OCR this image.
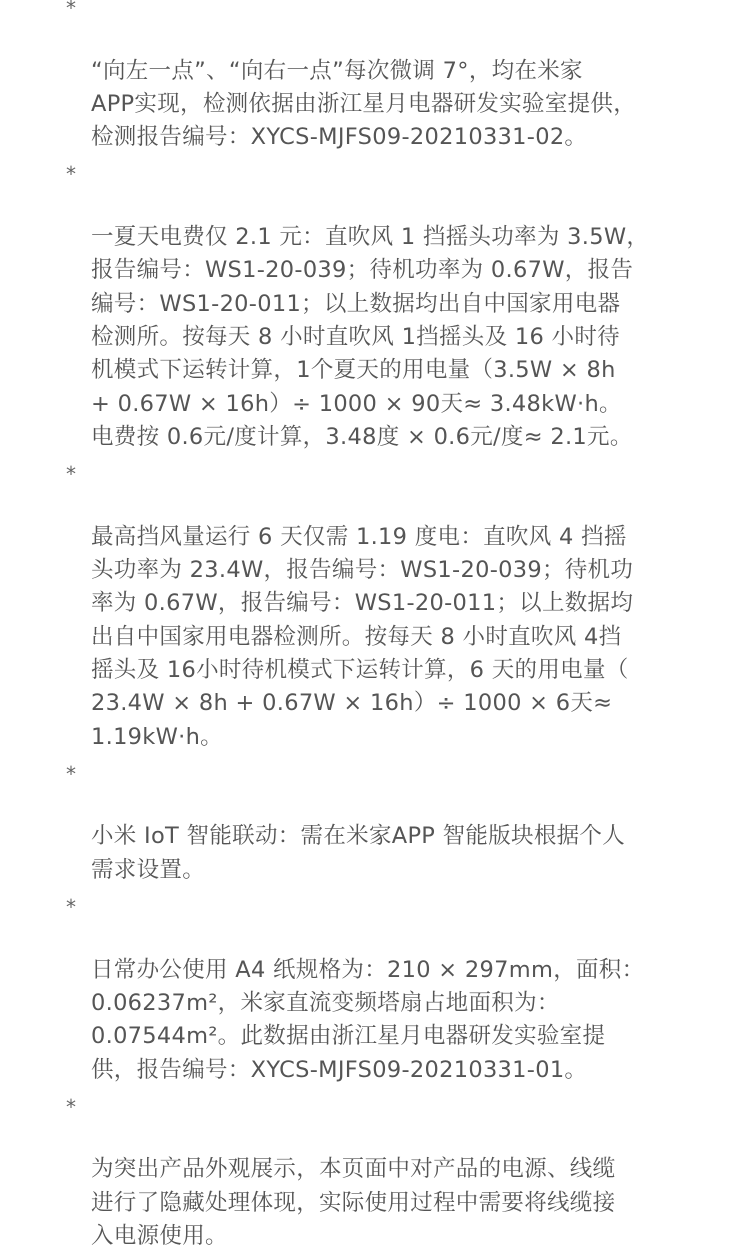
*

“向左一点”、“向右一点”每次微调 7°，均在米家
APP实现，检测依据由浙江星月电器研发实验室提供，
检测报告编号：XYCS-MJFS09-20210331-02。

*

一夏天电费仅 2.1 元：直吹风 1 挡摇头功率为 3.5W，
报告编号：WS1-20-039；待机功率为 0.67W，报告
编号：WS1-20-011；以上数据均出自中国家用电器
检测所。按每天 8 小时直吹风 1挡摇头及 16 小时待
机模式下运转计算，1个夏天的用电量（3.5W × 8h
+ 0.67W × 16h）÷ 1000 × 90天≈ 3.48kW·h。
电费按 0.6元/度计算，3.48度 × 0.6元/度≈ 2.1元。

*

最高挡风量运行 6 天仅需 1.19 度电：直吹风 4 挡摇
头功率为 23.4W，报告编号：WS1-20-039；待机功
率为 0.67W，报告编号：WS1-20-011；以上数据均
出自中国家用电器检测所。按每天 8 小时直吹风 4挡
摇头及 16小时待机模式下运转计算，6 天的用电量（
23.4W × 8h + 0.67W × 16h）÷ 1000 × 6天≈
1.19kW·h。

*

小米 IoT 智能联动：需在米家APP 智能版块根据个人
需求设置。

*

日常办公使用 A4 纸规格为：210 × 297mm，面积：
0.06237m²，米家直流变频塔扇占地面积为：
0.07544m²。此数据由浙江星月电器研发实验室提
供，报告编号：XYCS-MJFS09-20210331-01。

*

为突出产品外观展示，本页面中对产品的电源、线缆
进行了隐藏处理体现，实际使用过程中需要将线缆接
入电源使用。
